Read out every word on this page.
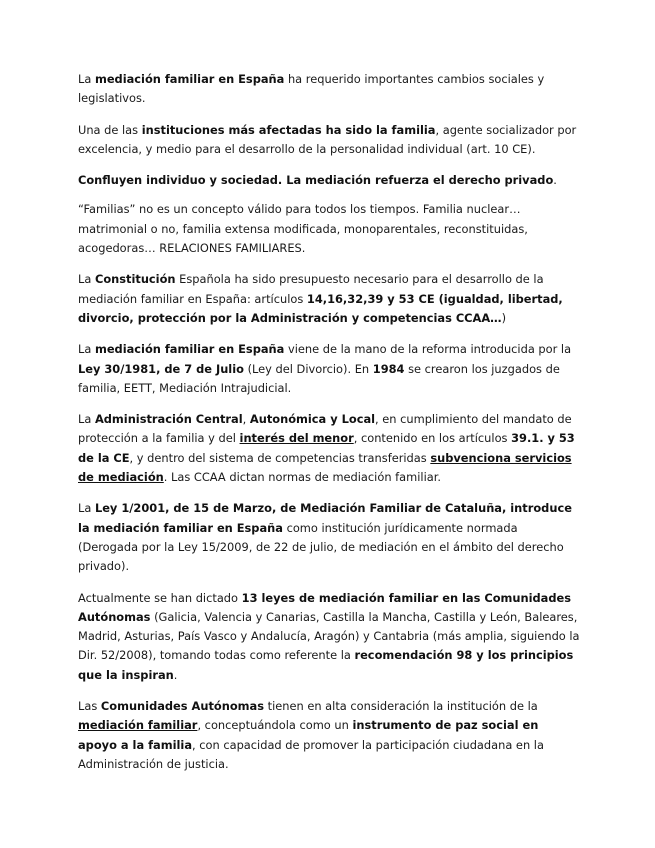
La mediación familiar en España ha requerido importantes cambios sociales y legislativos.

Una de las instituciones más afectadas ha sido la familia, agente socializador por excelencia, y medio para el desarrollo de la personalidad individual (art. 10 CE).

Confluyen individuo y sociedad. La mediación refuerza el derecho privado.

“Familias” no es un concepto válido para todos los tiempos. Familia nuclear… matrimonial o no, familia extensa modificada, monoparentales, reconstituidas, acogedoras… RELACIONES FAMILIARES.

La Constitución Española ha sido presupuesto necesario para el desarrollo de la mediación familiar en España: artículos 14,16,32,39 y 53 CE (igualdad, libertad, divorcio, protección por la Administración y competencias CCAA…)

La mediación familiar en España viene de la mano de la reforma introducida por la Ley 30/1981, de 7 de Julio (Ley del Divorcio). En 1984 se crearon los juzgados de familia, EETT, Mediación Intrajudicial.

La Administración Central, Autonómica y Local, en cumplimiento del mandato de protección a la familia y del interés del menor, contenido en los artículos 39.1. y 53 de la CE, y dentro del sistema de competencias transferidas subvenciona servicios de mediación. Las CCAA dictan normas de mediación familiar.

La Ley 1/2001, de 15 de Marzo, de Mediación Familiar de Cataluña, introduce la mediación familiar en España como institución jurídicamente normada (Derogada por la Ley 15/2009, de 22 de julio, de mediación en el ámbito del derecho privado).

Actualmente se han dictado 13 leyes de mediación familiar en las Comunidades Autónomas (Galicia, Valencia y Canarias, Castilla la Mancha, Castilla y León, Baleares, Madrid, Asturias, País Vasco y Andalucía, Aragón) y Cantabria (más amplia, siguiendo la Dir. 52/2008), tomando todas como referente la recomendación 98 y los principios que la inspiran.

Las Comunidades Autónomas tienen en alta consideración la institución de la mediación familiar, conceptuándola como un instrumento de paz social en apoyo a la familia, con capacidad de promover la participación ciudadana en la Administración de justicia.
